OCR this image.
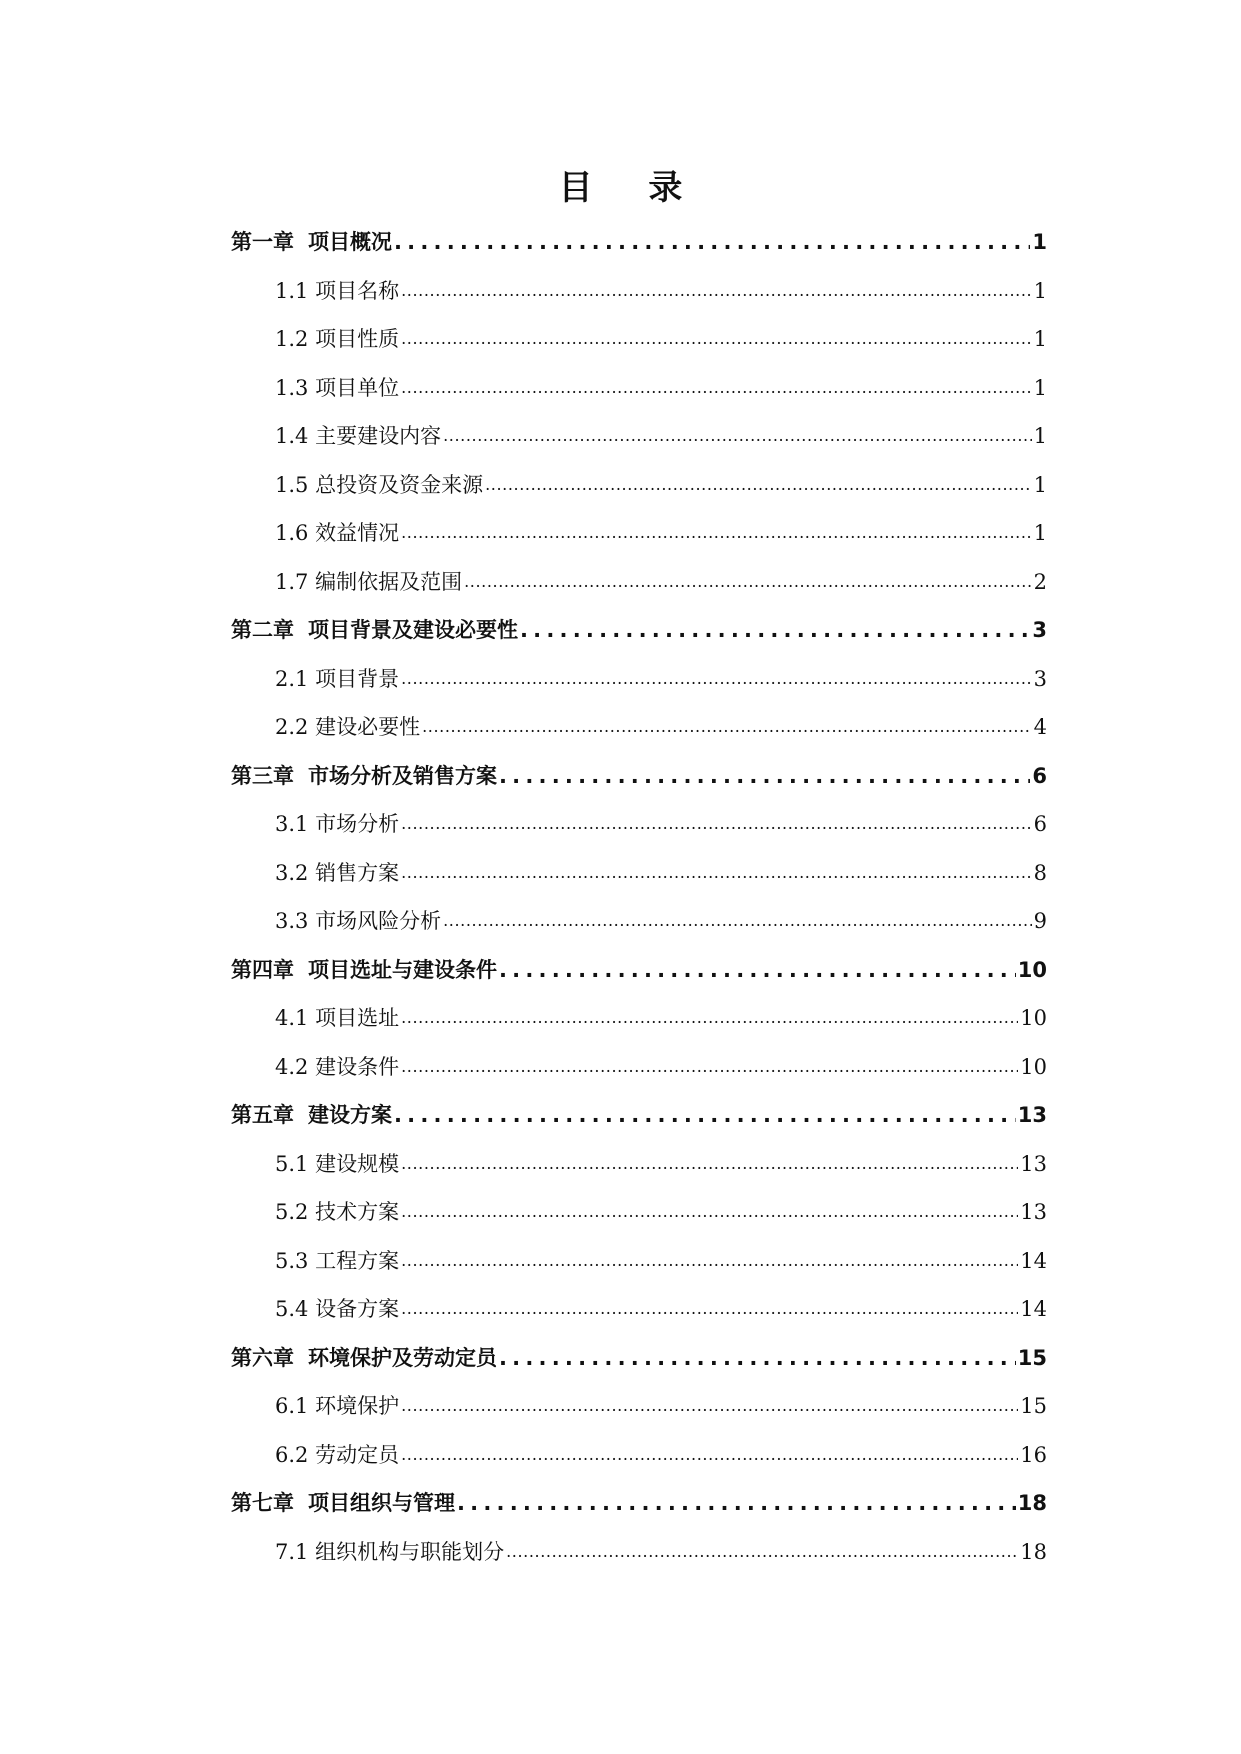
目 录
第一章 项目概况 .....	1
1.1 项目名称 .....	1
1.2 项目性质 .....	1
1.3 项目单位 .....	1
1.4 主要建设内容 .....	1
1.5 总投资及资金来源 .....	1
1.6 效益情况 .....	1
1.7 编制依据及范围 .....	2
第二章 项目背景及建设必要性 .....	3
2.1 项目背景 .....	3
2.2 建设必要性 .....	4
第三章 市场分析及销售方案 .....	6
3.1 市场分析 .....	6
3.2 销售方案 .....	8
3.3 市场风险分析 .....	9
第四章 项目选址与建设条件 .....	10
4.1 项目选址 .....	10
4.2 建设条件 .....	10
第五章 建设方案 .....	13
5.1 建设规模 .....	13
5.2 技术方案 .....	13
5.3 工程方案 .....	14
5.4 设备方案 .....	14
第六章 环境保护及劳动定员 .....	15
6.1 环境保护 .....	15
6.2 劳动定员 .....	16
第七章 项目组织与管理 .....	18
7.1 组织机构与职能划分 .....	18
